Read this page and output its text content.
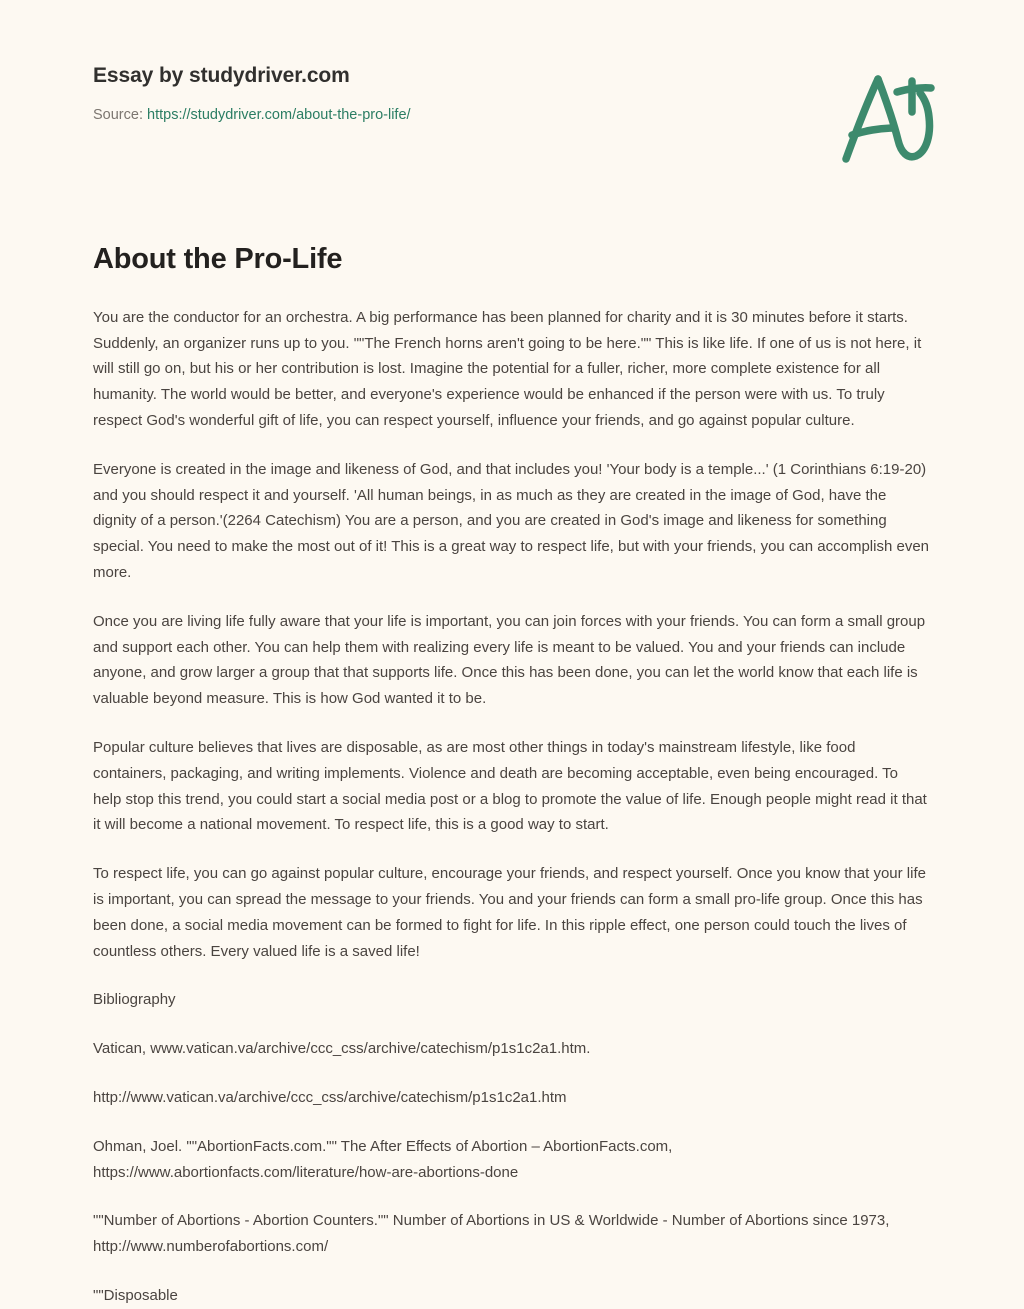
Essay by studydriver.com
Source: https://studydriver.com/about-the-pro-life/
About the Pro-Life

You are the conductor for an orchestra. A big performance has been planned for charity and it is 30 minutes before it starts. Suddenly, an organizer runs up to you. ""The French horns aren't going to be here."" This is like life. If one of us is not here, it will still go on, but his or her contribution is lost. Imagine the potential for a fuller, richer, more complete existence for all humanity. The world would be better, and everyone's experience would be enhanced if the person were with us. To truly respect God's wonderful gift of life, you can respect yourself, influence your friends, and go against popular culture.

Everyone is created in the image and likeness of God, and that includes you! 'Your body is a temple...' (1 Corinthians 6:19-20) and you should respect it and yourself. 'All human beings, in as much as they are created in the image of God, have the dignity of a person.'(2264 Catechism) You are a person, and you are created in God's image and likeness for something special. You need to make the most out of it! This is a great way to respect life, but with your friends, you can accomplish even more.

Once you are living life fully aware that your life is important, you can join forces with your friends. You can form a small group and support each other. You can help them with realizing every life is meant to be valued. You and your friends can include anyone, and grow larger a group that that supports life. Once this has been done, you can let the world know that each life is valuable beyond measure. This is how God wanted it to be.

Popular culture believes that lives are disposable, as are most other things in today's mainstream lifestyle, like food containers, packaging, and writing implements. Violence and death are becoming acceptable, even being encouraged. To help stop this trend, you could start a social media post or a blog to promote the value of life. Enough people might read it that it will become a national movement. To respect life, this is a good way to start.

To respect life, you can go against popular culture, encourage your friends, and respect yourself. Once you know that your life is important, you can spread the message to your friends. You and your friends can form a small pro-life group. Once this has been done, a social media movement can be formed to fight for life. In this ripple effect, one person could touch the lives of countless others. Every valued life is a saved life!

Bibliography

Vatican, www.vatican.va/archive/ccc_css/archive/catechism/p1s1c2a1.htm.

http://www.vatican.va/archive/ccc_css/archive/catechism/p1s1c2a1.htm

Ohman, Joel. ""AbortionFacts.com."" The After Effects of Abortion – AbortionFacts.com, https://www.abortionfacts.com/literature/how-are-abortions-done

""Number of Abortions - Abortion Counters."" Number of Abortions in US & Worldwide - Number of Abortions since 1973, http://www.numberofabortions.com/

""Disposable
